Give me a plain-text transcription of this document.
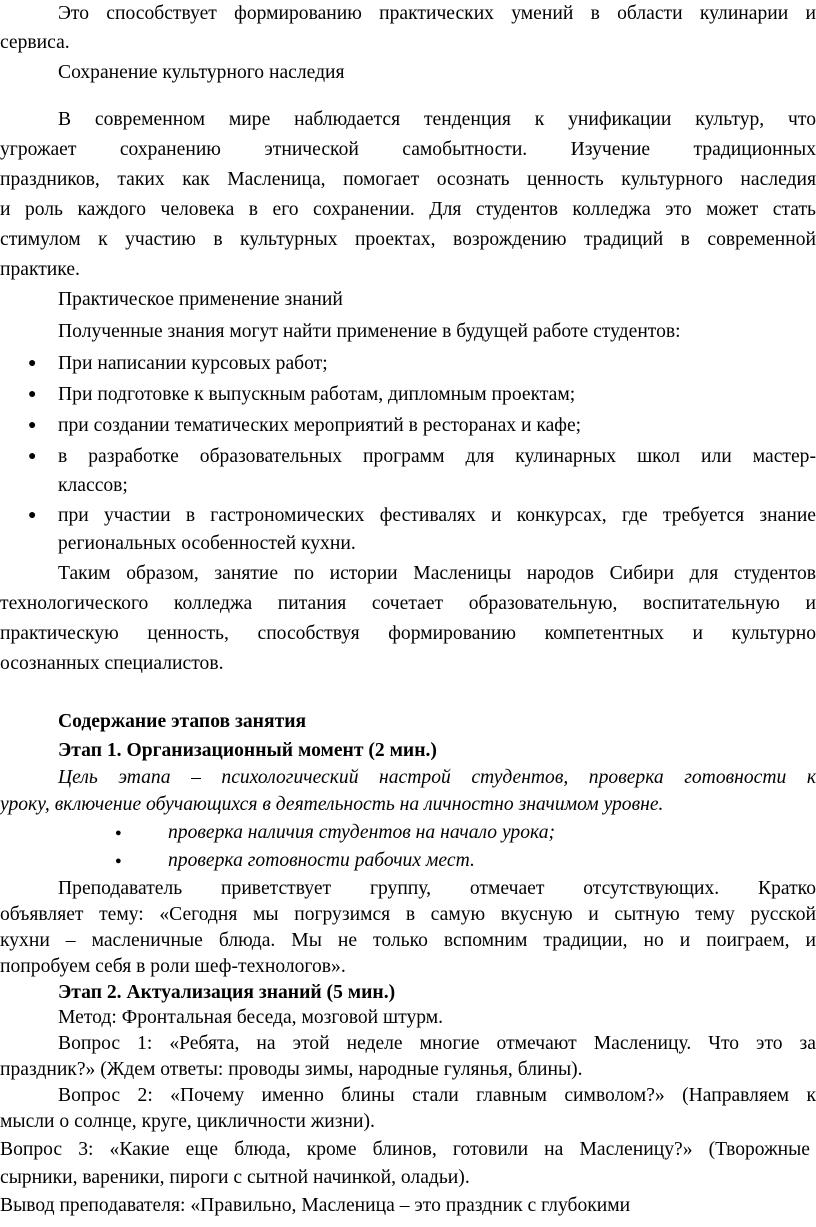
Это способствует формированию практических умений в области кулинарии и
сервиса.
Сохранение культурного наследия
В современном мире наблюдается тенденция к унификации культур, что
угрожает сохранению этнической самобытности. Изучение традиционных
праздников, таких как Масленица, помогает осознать ценность культурного наследия
и роль каждого человека в его сохранении. Для студентов колледжа это может стать
стимулом к участию в культурных проектах, возрождению традиций в современной
практике.
Практическое применение знаний
Полученные знания могут найти применение в будущей работе студентов:
● При написании курсовых работ;
● При подготовке к выпускным работам, дипломным проектам;
● при создании тематических мероприятий в ресторанах и кафе;
● в разработке образовательных программ для кулинарных школ или мастер-
классов;
● при участии в гастрономических фестивалях и конкурсах, где требуется знание
региональных особенностей кухни.
Таким образом, занятие по истории Масленицы народов Сибири для студентов
технологического колледжа питания сочетает образовательную, воспитательную и
практическую ценность, способствуя формированию компетентных и культурно
осознанных специалистов.
Содержание этапов занятия
Этап 1. Организационный момент (2 мин.)
Цель этапа – психологический настрой студентов, проверка готовности к
уроку, включение обучающихся в деятельность на личностно значимом уровне.
● проверка наличия студентов на начало урока;
● проверка готовности рабочих мест.
Преподаватель приветствует группу, отмечает отсутствующих. Кратко
объявляет тему: «Сегодня мы погрузимся в самую вкусную и сытную тему русской
кухни – масленичные блюда. Мы не только вспомним традиции, но и поиграем, и
попробуем себя в роли шеф-технологов».
Этап 2. Актуализация знаний (5 мин.)
Метод: Фронтальная беседа, мозговой штурм.
Вопрос 1: «Ребята, на этой неделе многие отмечают Масленицу. Что это за
праздник?» (Ждем ответы: проводы зимы, народные гулянья, блины).
Вопрос 2: «Почему именно блины стали главным символом?» (Направляем к
мысли о солнце, круге, цикличности жизни).
Вопрос 3: «Какие еще блюда, кроме блинов, готовили на Масленицу?» (Творожные
сырники, вареники, пироги с сытной начинкой, оладьи).
Вывод преподавателя: «Правильно, Масленица – это праздник с глубокими
